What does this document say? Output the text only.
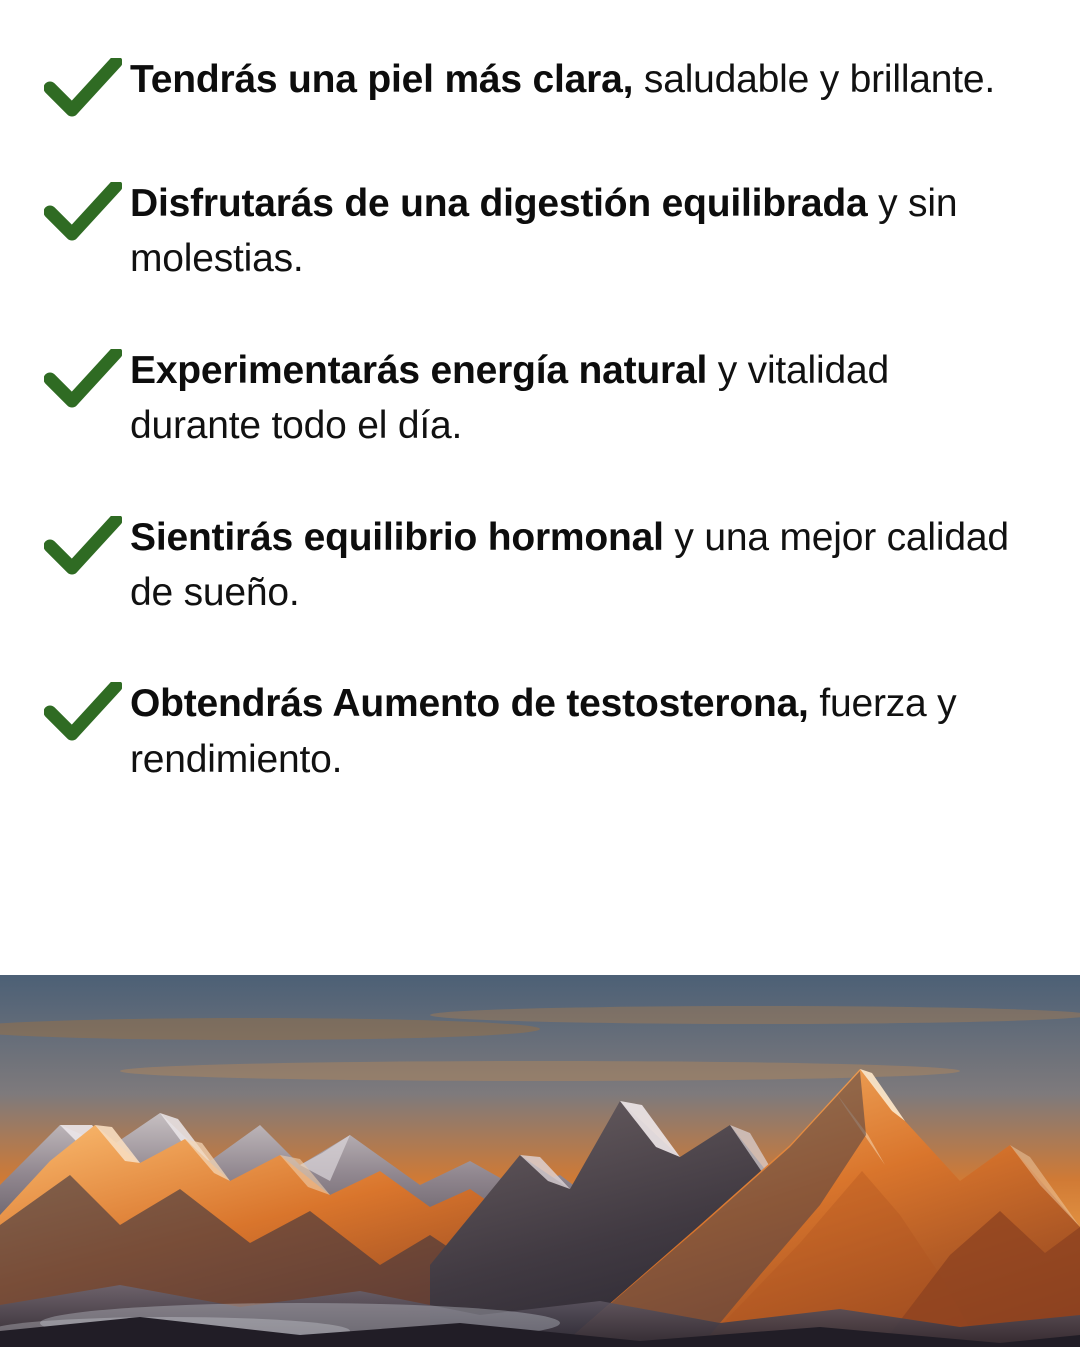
Tendrás una piel más clara, saludable y brillante.

Disfrutarás de una digestión equilibrada y sin molestias.

Experimentarás energía natural y vitalidad durante todo el día.

Sientirás equilibrio hormonal y una mejor calidad de sueño.

Obtendrás Aumento de testosterona, fuerza y rendimiento.
